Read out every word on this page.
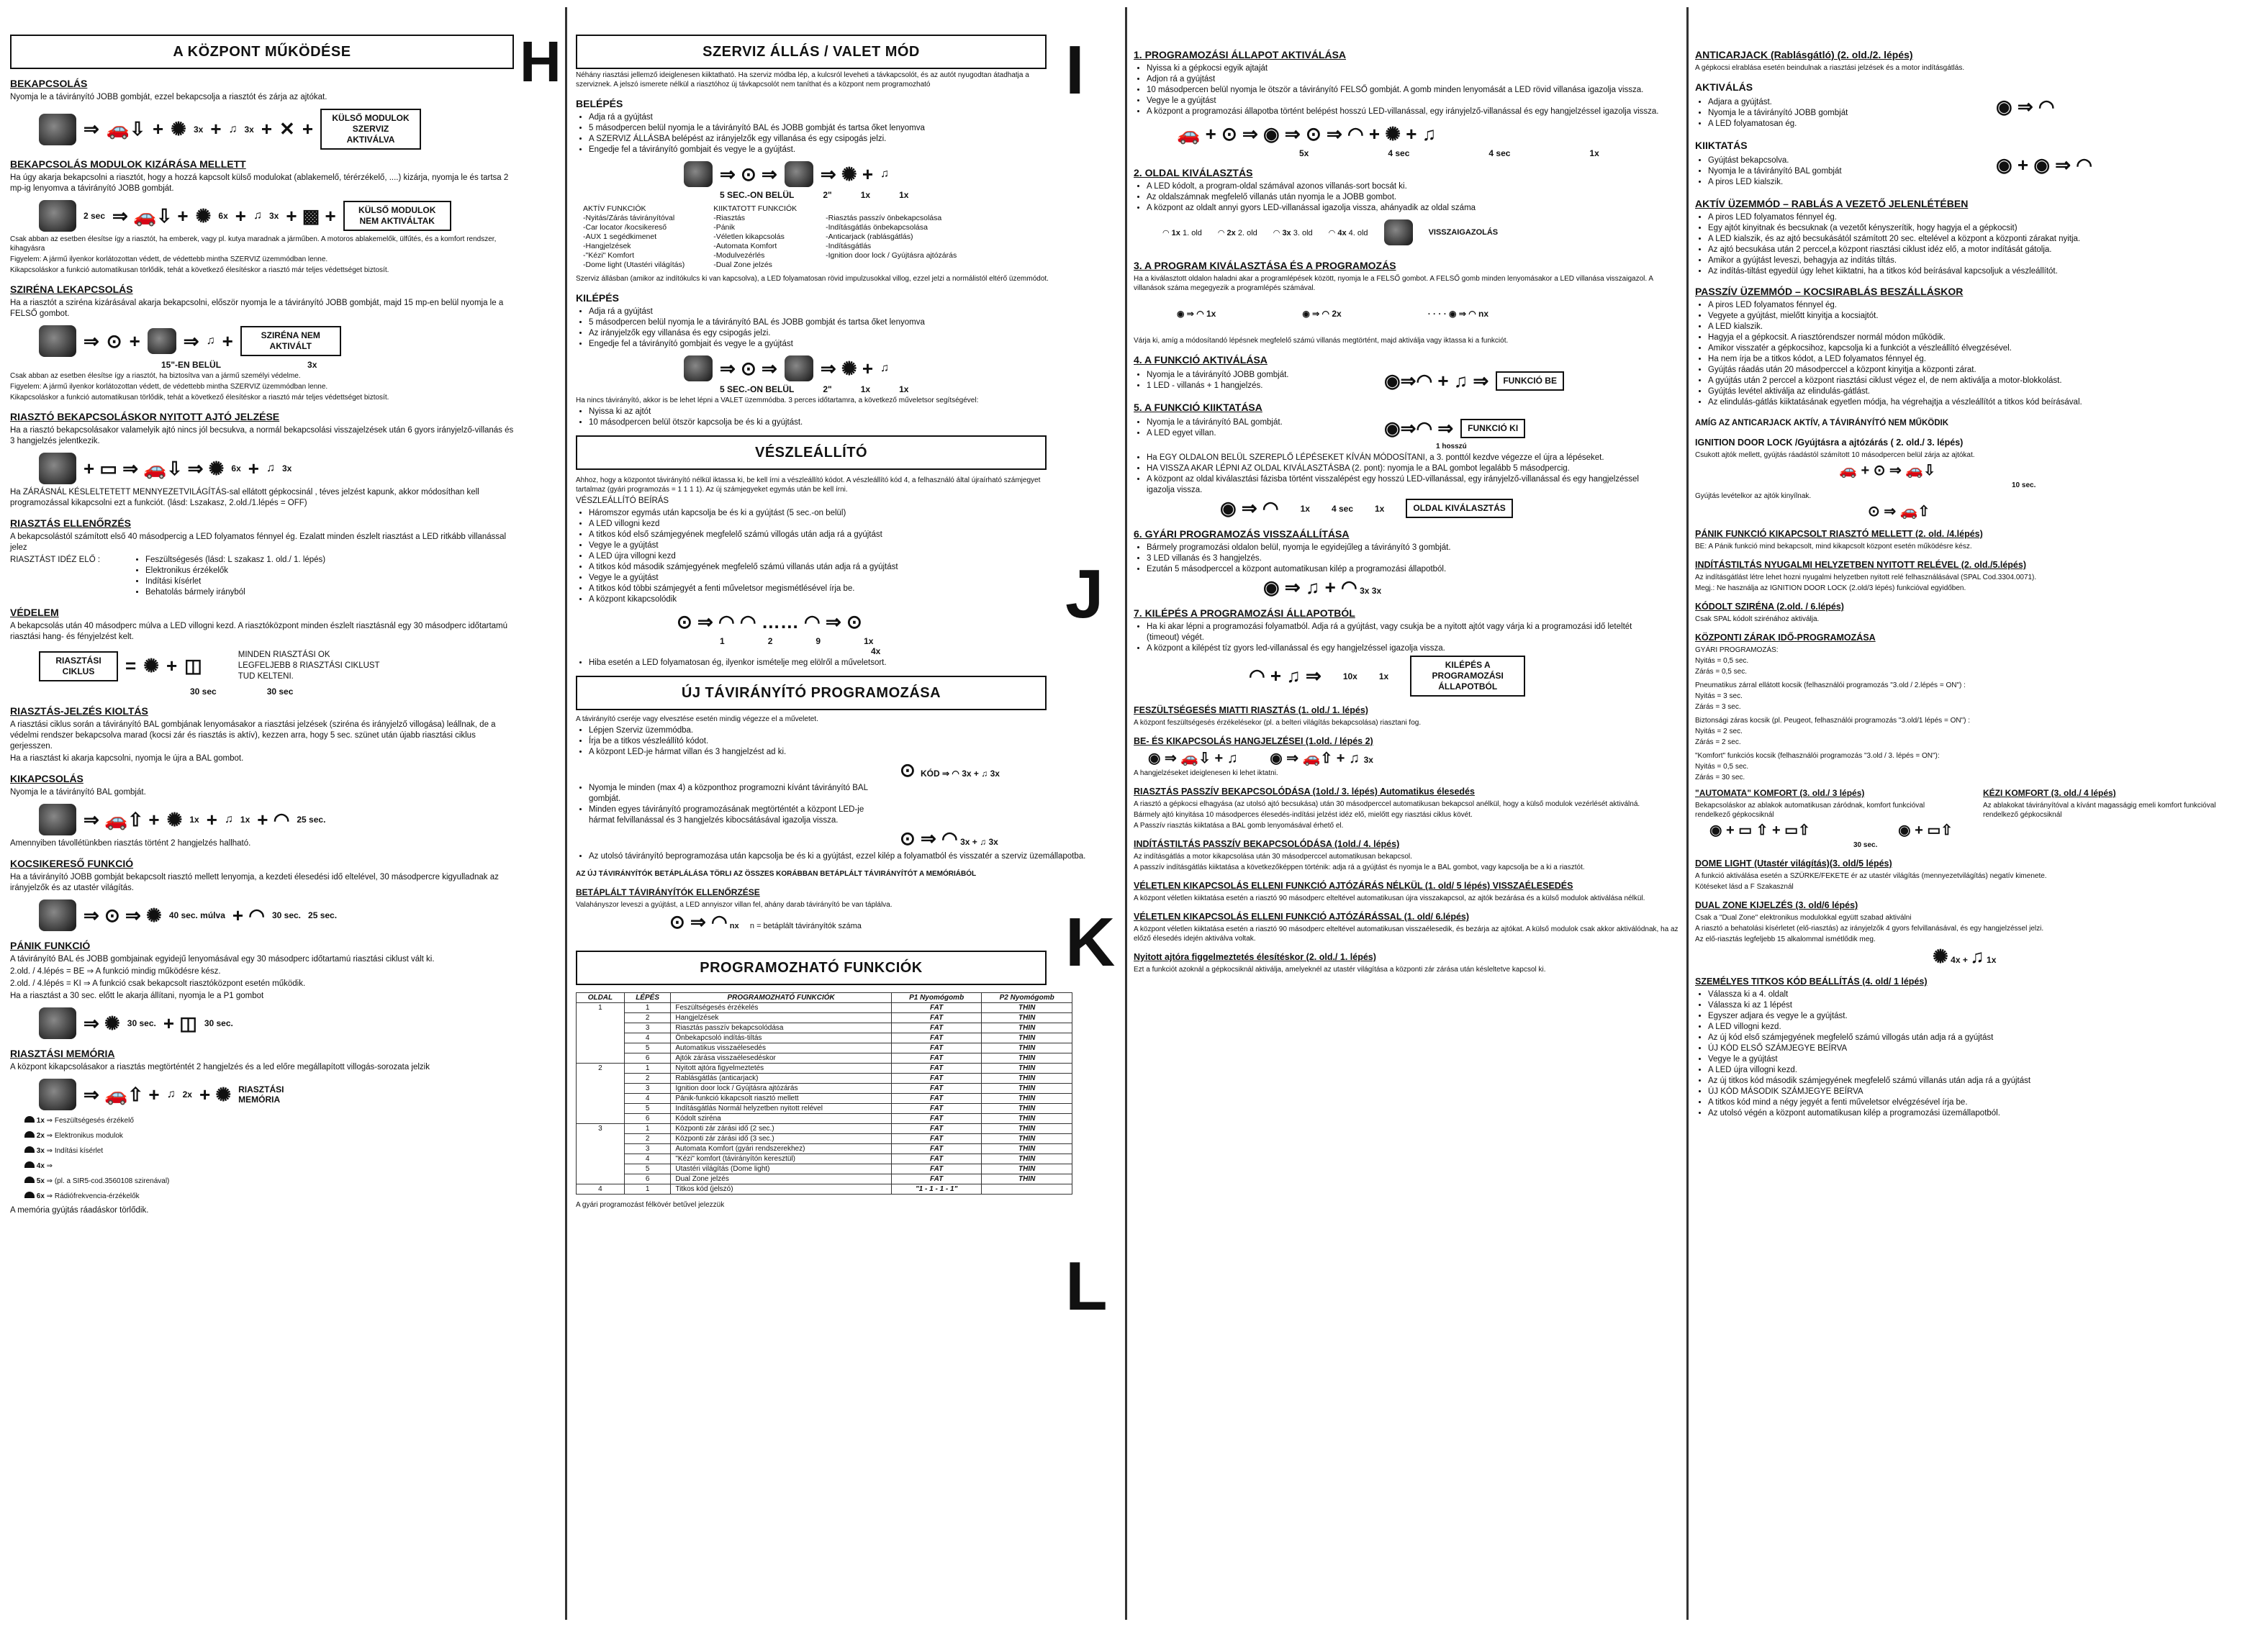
A KÖZPONT MŰKÖDÉSE	H
BEKAPCSOLÁS
Nyomja le a távirányító JOBB gombját, ezzel bekapcsolja a riasztót és zárja az ajtókat.
⇒ 🚗⇩ + ✺ 3x + ♫ 3x + ✕ +	KÜLSŐ MODULOK SZERVIZ AKTIVÁLVA
BEKAPCSOLÁS MODULOK KIZÁRÁSA MELLETT
Ha úgy akarja bekapcsolni a riasztót, hogy a hozzá kapcsolt külső modulokat (ablakemelő, térérzékelő, ....) kizárja, nyomja le és tartsa 2 mp-ig lenyomva a távirányító JOBB gombját.
2 sec ⇒ 🚗⇩ + ✺ 6x + ♫ 3x + ▩ +	KÜLSŐ MODULOK NEM AKTIVÁLTAK
Csak abban az esetben élesítse így a riasztót, ha emberek, vagy pl. kutya maradnak a járműben. A motoros ablakemelők, ülfűtés, és a komfort rendszer, kihagyásra
Figyelem: A jármű ilyenkor korlátozottan védett, de védettebb mintha SZERVIZ üzemmódban lenne.
Kikapcsoláskor a funkció automatikusan törlődik, tehát a következő élesítéskor a riasztó már teljes védettséget biztosít.
SZIRÉNA LEKAPCSOLÁS
Ha a riasztót a szirénа kizárásával akarja bekapcsolni, először nyomja le a távirányító JOBB gombját, majd 15 mp-en belül nyomja le a FELSŐ gombot.
⇒ ⊙ + ⇒ ♫ +	SZIRÉNA NEM AKTIVÁLT
15"-EN BELÜL	3x
Csak abban az esetben élesítse így a riasztót, ha biztosítva van a jármű személyi védelme.
Figyelem: A jármű ilyenkor korlátozottan védett, de védettebb mintha SZERVIZ üzemmódban lenne.
Kikapcsoláskor a funkció automatikusan törlődik, tehát a következő élesítéskor a riasztó már teljes védettséget biztosít.
RIASZTÓ BEKAPCSOLÁSKOR NYITOTT AJTÓ JELZÉSE
Ha a riasztó bekapcsolásakor valamelyik ajtó nincs jól becsukva, a normál bekapcsolási visszajelzések után 6 gyors irányjelző-villanás és 3 hangjelzés jelentkezik.
+ ▭ ⇒ 🚗⇩ ⇒ ✺ 6x + ♫ 3x
Ha ZÁRÁSNÁL KÉSLELTETETT MENNYEZETVILÁGÍTÁS-sal ellátott gépkocsinál , téves jelzést kapunk, akkor módosíthan kell programozással kikapcsolni ezt a funkciót. (lásd: Lszakasz, 2.old./1.lépés = OFF)
RIASZTÁS ELLENŐRZÉS
A bekapcsolástól számított első 40 másodpercig a LED folyamatos fénnyel ég. Ezalatt minden észlelt riasztást a LED ritkább villanással jelez
RIASZTÁST IDÉZ ELŐ :	• Feszültségesés (lásd: L szakasz 1. old./ 1. lépés)
• Elektronikus érzékelők
• Indítási kísérlet
• Behatolás bármely irányból
VÉDELEM
A bekapcsolás után 40 másodperc múlva a LED villogni kezd. A riasztóközpont minden észlelt riasztásnál egy 30 másodperc időtartamú riasztási hang- és fényjelzést kelt.
RIASZTÁSI CIKLUS	= ✺ + ◫	MINDEN RIASZTÁSI OK LEGFELJEBB 8 RIASZTÁSI CIKLUST TUD KELTENI.
30 sec	30 sec
RIASZTÁS-JELZÉS KIOLTÁS
A riasztási ciklus során a távirányító BAL gombjának lenyomásakor a riasztási jelzések (sziréna és irányjelző villogása) leállnak, de a védelmi rendszer bekapcsolva marad (kocsi zár és riasztás is aktív), kezzen arra, hogy 5 sec. szünet után újabb riasztási ciklus gerjesszen.
Ha a riasztást ki akarja kapcsolni, nyomja le újra a BAL gombot.
KIKAPCSOLÁS
Nyomja le a távirányító BAL gombját.
⇒ 🚗⇧ + ✺ 1x + ♫ 1x + ◠ 25 sec.
Amennyiben távollétünkben riasztás történt 2 hangjelzés hallható.
KOCSIKERESŐ FUNKCIÓ
Ha a távirányító JOBB gombját bekapcsolt riasztó mellett lenyomja, a kezdeti élesedési idő eltelével, 30 másodpercre kigyulladnak az irányjelzők és az utastér világítás.
⇒ ⊙ ⇒ ✺ 40 sec. múlva + ◠ 30 sec. 25 sec.
PÁNIK FUNKCIÓ
A távirányító BAL és JOBB gombjainak egyidejű lenyomásával egy 30 másodperc időtartamú riasztási ciklust vált ki.
2.old. / 4.lépés = BE ⇒ A funkció mindig működésre kész.
2.old. / 4.lépés = KI ⇒ A funkció csak bekapcsolt riasztóközpont esetén működik.
Ha a riasztást a 30 sec. előtt le akarja állítani, nyomja le a P1 gombot
⇒ ✺ 30 sec. + ◫ 30 sec.
RIASZTÁSI MEMÓRIA
A központ kikapcsolásakor a riasztás megtörténtét 2 hangjelzés és a led előre megállapított villogás-sorozata jelzik
⇒ 🚗⇧ + ♫ 2x + ✺ RIASZTÁSI MEMÓRIA
1x ⇒ Feszültségesés érzékelő
2x ⇒ Elektronikus modulok
3x ⇒ Indítási kísérlet
4x ⇒
5x ⇒ (pl. a SIR5-cod.3560108 szirenával)
6x ⇒ Rádiófrekvencia-érzékelők
A memória gyújtás ráadáskor törlődik.
SZERVIZ ÁLLÁS / VALET MÓD I
Néhány riasztási jellemző ideiglenesen kiiktatható. Ha szerviz módba lép, a kulcsról leveheti a távkapcsolót, és az autót nyugodtan átadhatja a szerviznek. A jelszó ismerete nélkül a riasztóhoz új távkapcsolót nem taníthat és a központ nem programozható
BELÉPÉS
• Adja rá a gyújtást
• 5 másodpercen belül nyomja le a távirányító BAL és JOBB gombját és tartsa őket lenyomva
• A SZERVIZ ÁLLÁSBA belépést az irányjelzők egy villanása és egy csipogás jelzi.
• Engedje fel a távirányító gombjait és vegye le a gyújtást.
⇒ ⊙ ⇒ ⇒ ✺ + ♫
5 SEC.-ON BELÜL	2"	1x	1x
AKTÍV FUNKCIÓK
-Nyitás/Zárás távirányítóval
-Car locator /kocsikereső
-AUX 1 segédkimenet
-Hangjelzések
-"Kézi" Komfort
-Dome light (Utastéri világítás)
KIIKTATOTT FUNKCIÓK
-Riasztás
-Pánik
-Véletlen kikapcsolás
-Automata Komfort
-Modulvezérlés
-Dual Zone jelzés
-Riasztás passzív önbekapcsolása
-Indításgátlás önbekapcsolása
-Anticarjack (rablásgátlás)
-Indításgátlás
-Ignition door lock / Gyújtásra ajtózárás
Szerviz állásban (amikor az indítókulcs ki van kapcsolva), a LED folyamatosan rövid impulzusokkal villog, ezzel jelzi a normálistól eltérő üzemmódot.
KILÉPÉS
• Adja rá a gyújtást
• 5 másodpercen belül nyomja le a távirányító BAL és JOBB gombját és tartsa őket lenyomva
• Az irányjelzők egy villanása és egy csipogás jelzi.
• Engedje fel a távirányító gombjait és vegye le a gyújtást
⇒ ⊙ ⇒ ⇒ ✺ + ♫
5 SEC.-ON BELÜL	2"	1x	1x
Ha nincs távirányító, akkor is be lehet lépni a VALET üzemmódba. 3 perces időtartamra, a következő műveletsor segítségével:
• Nyissa ki az ajtót
• 10 másodpercen belül ötször kapcsolja be és ki a gyújtást.
VÉSZLEÁLLÍTÓ
J
Ahhoz, hogy a központot távirányító nélkül iktassa ki, be kell írni a vészleállító kódot. A vészleállító kód 4, a felhasználó által újraírható számjegyet tartalmaz (gyári programozás = 1 1 1 1). Az új számjegyeket egymás után be kell írni.
VÉSZLEÁLLÍTÓ BEÍRÁS
• Háromszor egymás után kapcsolja be és ki a gyújtást (5 sec.-on belül)
• A LED villogni kezd
• A titkos kód első számjegyének megfelelő számú villogás után adja rá a gyújtást
• Vegye le a gyújtást
• A LED újra villogni kezd
• A titkos kód második számjegyének megfelelő számú villanás után adja rá a gyújtást
• Vegye le a gyújtást
• A titkos kód többi számjegyét a fenti műveletsor megismétlésével írja be.
• A központ kikapcsolódik
⊙ ⇒ ◠ ◠ …… ◠ ⇒ ⊙
1	2	9	1x
4x
• Hiba esetén a LED folyamatosan ég, ilyenkor ismételje meg elölről a műveletsort.
ÚJ TÁVIRÁNYÍTÓ PROGRAMOZÁSA
K
A távirányító cseréje vagy elvesztése esetén mindig végezze el a műveletet.
• Lépjen Szerviz üzemmódba.
• Írja be a titkos vészleállító kódot.
• A központ LED-je hármat villan és 3 hangjelzést ad ki.
⊙ KÓD ⇒ ◠ 3x + ♫ 3x
• Nyomja le minden (max 4) a központhoz programozni kívánt távirányító BAL gombját.
• Minden egyes távirányító programozásának megtörténtét a központ LED-je hármat felvillanással és 3 hangjelzés kibocsátásával igazolja vissza.
⊙ ⇒ ◠ 3x + ♫ 3x
• Az utolsó távirányító beprogramozása után kapcsolja be és ki a gyújtást, ezzel kilép a folyamatból és visszatér a szerviz üzemállapotba.
AZ ÚJ TÁVIRÁNYÍTÓK BETÁPLÁLÁSA TÖRLI AZ ÖSSZES KORÁBBAN BETÁPLÁLT TÁVIRÁNYÍTÓT A MEMÓRIÁBÓL
BETÁPLÁLT TÁVIRÁNYÍTÓK ELLENŐRZÉSE
Valahányszor leveszi a gyújtást, a LED annyiszor villan fel, ahány darab távirányító be van táplálva.
⊙ ⇒ ◠ nx n = betáplált távirányítók száma
PROGRAMOZHATÓ FUNKCIÓK
L
OLDAL	LÉPÉS	PROGRAMOZHATÓ FUNKCIÓK	P1 Nyomógomb	P2 Nyomógomb
1	1	Feszültségesés érzékelés	FAT	THIN
	2	Hangjelzések	FAT	THIN
	3	Riasztás passzív bekapcsolódása	FAT	THIN
	4	Önbekapcsoló indítás-tiltás	FAT	THIN
	5	Automatikus visszaélesedés	FAT	THIN
	6	Ajtók zárása visszaélesedéskor	FAT	THIN
2	1	Nyitott ajtóra figyelmeztetés	FAT	THIN
	2	Rablásgátlás (anticarjack)	FAT	THIN
	3	Ignition door lock / Gyújtásra ajtózárás	FAT	THIN
	4	Pánik-funkció kikapcsolt riasztó mellett	FAT	THIN
	5	Indításgátlás Normál helyzetben nyitott relével	FAT	THIN
	6	Kódolt sziréna	FAT	THIN
3	1	Központi zár zárási idő (2 sec.)	FAT	THIN
	2	Központi zár zárási idő (3 sec.)	FAT	THIN
	3	Automata Komfort (gyári rendszerekhez)	FAT	THIN
	4	"Kézi" komfort (távirányítón keresztül)	FAT	THIN
	5	Utastéri világítás (Dome light)	FAT	THIN
	6	Dual Zone jelzés	FAT	THIN
4	1	Titkos kód (jelszó)	"1 - 1 - 1 - 1"	
A gyári programozást félkövér betűvel jelezzük
1. PROGRAMOZÁSI ÁLLAPOT AKTIVÁLÁSA
• Nyissa ki a gépkocsi egyik ajtaját
• Adjon rá a gyújtást
• 10 másodpercen belül nyomja le ötször a távirányító FELSŐ gombját. A gomb minden lenyomását a LED rövid villanása igazolja vissza.
• Vegye le a gyújtást
• A központ a programozási állapotba történt belépést hosszú LED-villanással, egy irányjelző-villanással és egy hangjelzéssel igazolja vissza.
🚗 + ⊙ ⇒ ◉ ⇒ ⊙ ⇒ ◠ + ✺ + ♫
5x	4 sec	4 sec	1x
2. OLDAL KIVÁLASZTÁS
• A LED kódolt, a program-oldal számával azonos villanás-sort bocsát ki.
• Az oldalszámnak megfelelő villanás után nyomja le a JOBB gombot.
• A központ az oldalt annyi gyors LED-villanással igazolja vissza, ahányadik az oldal száma
◠ 1x 1. old ◠ 2x 2. old ◠ 3x 3. old ◠ 4x 4. old	VISSZAIGAZOLÁS
3. A PROGRAM KIVÁLASZTÁSA ÉS A PROGRAMOZÁS
Ha a kiválasztott oldalon haladni akar a programlépések között, nyomja le a FELSŐ gombot. A FELSŐ gomb minden lenyomásakor a LED villanása visszaigazol. A villanások száma megegyezik a programlépés számával.
◉ ⇒ ◠ 1x	◉ ⇒ ◠ 2x	· · · · ◉ ⇒ ◠ nx
Várja ki, amíg a módosítandó lépésnek megfelelő számú villanás megtörtént, majd aktiválja vagy iktassa ki a funkciót.
4. A FUNKCIÓ AKTIVÁLÁSA
• Nyomja le a távirányító JOBB gombját.
• 1 LED - villanás + 1 hangjelzés.	◉⇒◠ + ♫ ⇒	FUNKCIÓ BE
5. A FUNKCIÓ KIIKTATÁSA
• Nyomja le a távirányító BAL gombját.
• A LED egyet villan.	◉⇒◠ ⇒	FUNKCIÓ KI
1 hosszú
• Ha EGY OLDALON BELÜL SZEREPLŐ LÉPÉSEKET KÍVÁN MÓDOSÍTANI, a 3. ponttól kezdve végezze el újra a lépéseket.
• HA VISSZA AKAR LÉPNI AZ OLDAL KIVÁLASZTÁSBA (2. pont): nyomja le a BAL gombot legalább 5 másodpercig.
• A központ az oldal kiválasztási fázisba történt visszalépést egy hosszú LED-villanással, egy irányjelző-villanással és egy hangjelzéssel igazolja vissza.
◉ ⇒ ◠	1x	4 sec	1x	OLDAL KIVÁLASZTÁS
6. GYÁRI PROGRAMOZÁS VISSZAÁLLÍTÁSA
• Bármely programozási oldalon belül, nyomja le egyidejűleg a távirányító 3 gombját.
• 3 LED villanás és 3 hangjelzés.
• Ezután 5 másodperccel a központ automatikusan kilép a programozási állapotból.
◉ ⇒ ♫ + ◠ 3x 3x
7. KILÉPÉS A PROGRAMOZÁSI ÁLLAPOTBÓL
• Ha ki akar lépni a programozási folyamatból. Adja rá a gyújtást, vagy csukja be a nyitott ajtót vagy várja ki a programozási idő leteltét (timeout) végét.
• A központ a kilépést tíz gyors led-villanással és egy hangjelzéssel igazolja vissza.
◠ + ♫ ⇒	10x	1x
KILÉPÉS A PROGRAMOZÁSI ÁLLAPOTBÓL
FESZÜLTSÉGESÉS MIATTI RIASZTÁS (1. old./ 1. lépés)
A központ feszültségesés érzékelésekor (pl. a belteri világítás bekapcsolása) riasztani fog.
BE- ÉS KIKAPCSOLÁS HANGJELZÉSEI (1.old. / lépés 2)
◉ ⇒ 🚗⇩ + ♫        ◉ ⇒ 🚗⇧ + ♫ 3x
A hangjelzéseket ideiglenesen ki lehet iktatni.
RIASZTÁS PASSZÍV BEKAPCSOLÓDÁSA (1old./ 3. lépés) Automatikus élesedés
A riasztó a gépkocsi elhagyása (az utolsó ajtó becsukása) után 30 másodperccel automatikusan bekapcsol anélkül, hogy a külső modulok vezérlését aktiválná.
Bármely ajtó kinyitása 10 másodperces élesedés-indítási jelzést idéz elő, mielőtt egy riasztási ciklus kövét.
A Passzív riasztás kiiktatása a BAL gomb lenyomásával érhető el.
INDÍTÁSTILTÁS PASSZÍV BEKAPCSOLÓDÁSA (1old./ 4. lépés)
Az indításgátlás a motor kikapcsolása után 30 másodperccel automatikusan bekapcsol.
A passzív indításgátlás kiiktatása a következőképpen történik: adja rá a gyújtást és nyomja le a BAL gombot, vagy kapcsolja be a ki a riasztót.
VÉLETLEN KIKAPCSOLÁS ELLENI FUNKCIÓ AJTÓZÁRÁS NÉLKÜL (1. old/ 5 lépés) VISSZAÉLESEDÉS
A központ véletlen kiiktatása esetén a riasztó 90 másodperc elteltével automatikusan újra visszakapcsol, az ajtók bezárása és a külső modulok aktiválása nélkül.
VÉLETLEN KIKAPCSOLÁS ELLENI FUNKCIÓ AJTÓZÁRÁSSAL (1. old/ 6.lépés)
A központ véletlen kiiktatása esetén a riasztó 90 másodperc elteltével automatikusan visszaélesedik, és bezárja az ajtókat. A külső modulok csak akkor aktiválódnak, ha az előző élesedés idején aktiválva voltak.
Nyitott ajtóra figgelmeztetés élesítéskor (2. old./ 1. lépés)
Ezt a funkciót azoknál a gépkocsiknál aktiválja, amelyeknél az utastér világítása a központi zár zárása után késleltetve kapcsol ki.
ANTICARJACK (Rablásgátló) (2. old./2. lépés)
A gépkocsi elrablása esetén beindulnak a riasztási jelzések és a motor indításgátlás.
AKTIVÁLÁS
• Adjara a gyújtást.
• Nyomja le a távirányító JOBB gombját
• A LED folyamatosan ég.
◉ ⇒ ◠
KIIKTATÁS
• Gyújtást bekapcsolva.
• Nyomja le a távirányító BAL gombját
• A piros LED kialszik.
◉ + ◉ ⇒ ◠
AKTÍV ÜZEMMÓD – RABLÁS A VEZETŐ JELENLÉTÉBEN
• A piros LED folyamatos fénnyel ég.
• Egy ajtót kinyitnak és becsuknak (a vezetőt kényszerítik, hogy hagyja el a gépkocsit)
• A LED kialszik, és az ajtó becsukásától számított 20 sec. eltelével a központ a központi zárakat nyitja.
• Az ajtó becsukása után 2 perccel,a központ riasztási ciklust idéz elő, a motor indítását gátolja.
• Amikor a gyújtást leveszi, behagyja az indítás tiltás.
• Az indítás-tiltást egyedül úgy lehet kiiktatni, ha a titkos kód beírásával kapcsoljuk a vészleállítót.
PASSZÍV ÜZEMMÓD – KOCSIRABLÁS BESZÁLLÁSKOR
• A piros LED folyamatos fénnyel ég.
• Vegyete a gyújtást, mielőtt kinyitja a kocsiajtót.
• A LED kialszik.
• Hagyja el a gépkocsit. A riasztórendszer normál módon működik.
• Amikor visszatér a gépkocsihoz, kapcsolja ki a funkciót a vészleállító élvegzésével.
• Ha nem írja be a titkos kódot, a LED folyamatos fénnyel ég.
• Gyújtás ráadás után 20 másodperccel a központ kinyitja a központi zárat.
• A gyújtás után 2 perccel a központ riasztási ciklust végez el, de nem aktiválja a motor-blokkolást.
• Gyújtás levétel aktiválja az elindulás-gátlást.
• Az elindulás-gátlás kiiktatásának egyetlen módja, ha végrehajtja a vészleállítót a titkos kód beírásával.
AMÍG AZ ANTICARJACK AKTÍV, A TÁVIRÁNYÍTÓ NEM MŰKÖDIK
IGNITION DOOR LOCK /Gyújtásra a ajtózárás ( 2. old./ 3. lépés)
Csukott ajtók mellett, gyújtás ráadástól számított 10 másodpercen belül zárja az ajtókat.
🚗 + ⊙ ⇒ 🚗⇩
10 sec.
Gyújtás levételkor az ajtók kinyílnak.
⊙ ⇒ 🚗⇧
PÁNIK FUNKCIÓ KIKAPCSOLT RIASZTÓ MELLETT (2. old. /4.lépés)
BE: A Pánik funkció mind bekapcsolt, mind kikapcsolt központ esetén működésre kész.
INDÍTÁSTILTÁS NYUGALMI HELYZETBEN NYITOTT RELÉVEL (2. old./5.lépés)
Az indításgátlást létre lehet hozni nyugalmi helyzetben nyitott relé felhasználásával (SPAL Cod.3304.0071).
Megj.: Ne használja az IGNITION DOOR LOCK (2.old/3 lépés) funkcióval egyidőben.
KÓDOLT SZIRÉNA (2.old. / 6.lépés)
Csak SPAL kódolt szirénához aktiválja.
KÖZPONTI ZÁRAK IDŐ-PROGRAMOZÁSA
GYÁRI PROGRAMOZÁS:
Nyitás = 0,5 sec.
Zárás = 0,5 sec.
Pneumatikus zárral ellátott kocsik (felhasználói programozás "3.old / 2.lépés = ON") :
Nyitás = 3 sec.
Zárás = 3 sec.
Biztonsági záras kocsik (pl. Peugeot, felhasználói programozás "3.old/1 lépés = ON") :
Nyitás = 2 sec.
Zárás = 2 sec.
"Komfort" funkciós kocsik (felhasználói programozás "3.old / 3. lépés = ON"):
Nyitás = 0,5 sec.
Zárás = 30 sec.
"AUTOMATA" KOMFORT (3. old./ 3 lépés)
Bekapcsoláskor az ablakok automatikusan záródnak, komfort funkcióval rendelkező gépkocsiknál
KÉZI KOMFORT (3. old./ 4 lépés)
Az ablakokat távirányítóval a kívánt magasságig emeli komfort funkcióval rendelkező gépkocsiknál
◉ + ▭ ⇧ + ▭⇧                      ◉ + ▭⇧
30 sec.
DOME LIGHT (Utastér világítás)(3. old/5 lépés)
A funkció aktiválása esetén a SZÜRKE/FEKETE ér az utastér világítás (mennyezetvilágítás) negatív kimenete.
Kötéseket lásd a F Szakasznál
DUAL ZONE KIJELZÉS (3. old/6 lépés)
Csak a "Dual Zone" elektronikus modulokkal együtt szabad aktiválni
A riasztó a behatolási kísérletet (elő-riasztás) az irányjelzők 4 gyors felvillanásával, és egy hangjelzéssel jelzi.
Az elő-riasztás legfeljebb 15 alkalommal ismétlődik meg.
✺ 4x + ♫ 1x
SZEMÉLYES TITKOS KÓD BEÁLLÍTÁS (4. old/ 1 lépés)
• Válassza ki a 4. oldalt
• Válassza ki az 1 lépést
• Egyszer adjara és vegye le a gyújtást.
• A LED villogni kezd.
• Az új kód első számjegyének megfelelő számú villogás után adja rá a gyújtást
• ÚJ KÓD ELSŐ SZÁMJEGYE BEÍRVA
• Vegye le a gyújtást
• A LED újra villogni kezd.
• Az új titkos kód második számjegyének megfelelő számú villanás után adja rá a gyújtást
• ÚJ KÓD MÁSODIK SZÁMJEGYE BEÍRVA
• A titkos kód mind a négy jegyét a fenti műveletsor elvégzésével írja be.
• Az utolsó végén a központ automatikusan kilép a programozási üzemállapotból.
